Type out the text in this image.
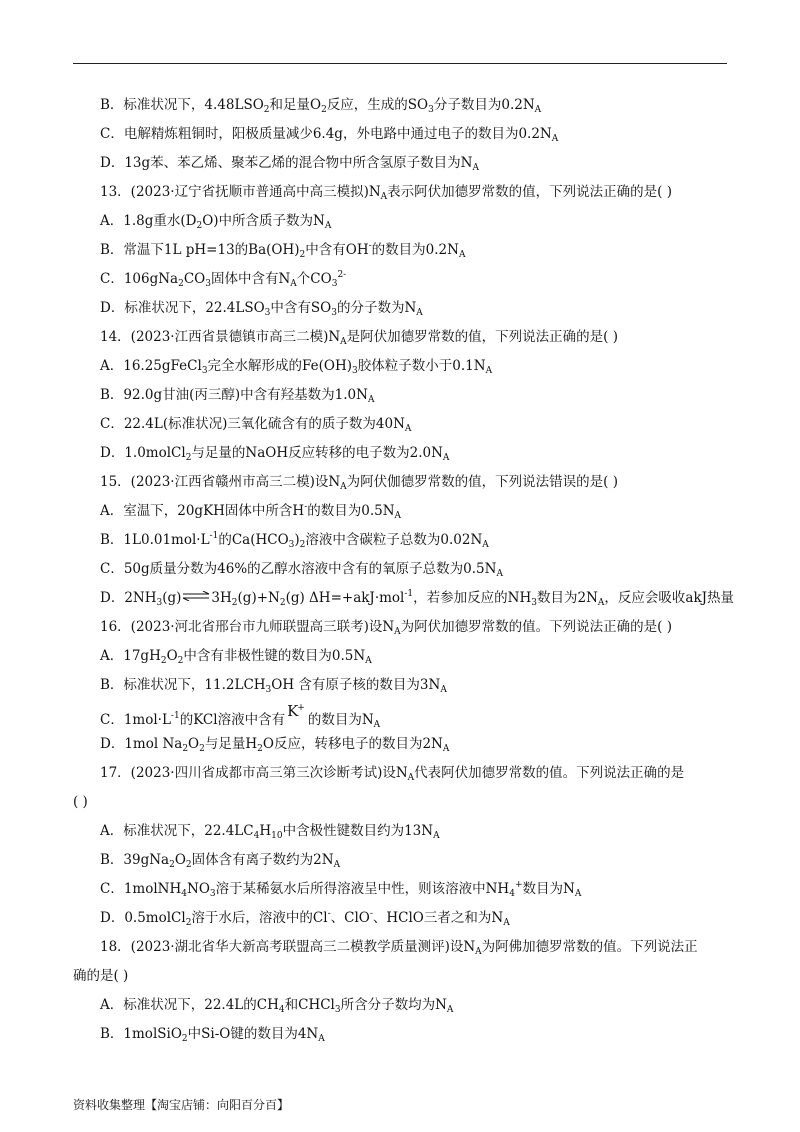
B．标准状况下，$4.48LSO_2$和足量$O_2$反应，生成的$SO_3$分子数目为$0.2N_A$
C．电解精炼粗铜时，阳极质量减少6.4g，外电路中通过电子的数目为$0.2N_A$
D．13g苯、苯乙烯、聚苯乙烯的混合物中所含氢原子数目为$N_A$
13．(2023·辽宁省抚顺市普通高中高三模拟)$N_A$表示阿伏加德罗常数的值，下列说法正确的是( )
A．1.8g重水$(D_2O)$中所含质子数为$N_A$
B．常温下1L pH=13的$Ba(OH)_2$中含有OH-的数目为$0.2N_A$
C．$106gNa_2CO_3$固体中含有$N_A$个$CO_3^{2-}$
D．标准状况下，$22.4LSO_3$中含有$SO_3$的分子数为$N_A$
14．(2023·江西省景德镇市高三二模)$N_A$是阿伏加德罗常数的值，下列说法正确的是( )
A．16.25gFeCl$_3$完全水解形成的$Fe(OH)_3$胶体粒子数小于$0.1N_A$
B．92.0g甘油(丙三醇)中含有羟基数为$1.0N_A$
C．22.4L(标准状况)三氧化硫含有的质子数为$40N_A$
D．1.0molCl$_2$与足量的NaOH反应转移的电子数为$2.0N_A$
15．(2023·江西省赣州市高三二模)设$N_A$为阿伏伽德罗常数的值，下列说法错误的是( )
A．室温下，20gKH固体中所含H-的数目为$0.5N_A$
B．$1L0.01mol\cdot L^{-1}$的$Ca(HCO_3)_2$溶液中含碳粒子总数为$0.02N_A$
C．50g质量分数为46%的乙醇水溶液中含有的氧原子总数为$0.5N_A$
D．$2NH_3(g)\rightleftharpoons 3H_2(g)+N_2(g)$ ΔH=+akJ·mol$^{-1}$，若参加反应的$NH_3$数目为$2N_A$，反应会吸收akJ热量
16．(2023·河北省邢台市九师联盟高三联考)设$N_A$为阿伏加德罗常数的值。下列说法正确的是( )
A．$17gH_2O_2$中含有非极性键的数目为$0.5N_A$
B．标准状况下，$11.2LCH_3OH$ 含有原子核的数目为$3N_A$
C．$1mol\cdot L^{-1}$的KCl溶液中含有 K+的数目为$N_A$
D．1mol $Na_2O_2$与足量$H_2O$反应，转移电子的数目为$2N_A$
17．(2023·四川省成都市高三第三次诊断考试)设$N_A$代表阿伏加德罗常数的值。下列说法正确的是
( )
A．标准状况下，$22.4LC_4H_{10}$中含极性键数目约为$13N_A$
B．$39gNa_2O_2$固体含有离子数约为$2N_A$
C．$1molNH_4NO_3$溶于某稀氨水后所得溶液呈中性，则该溶液中$NH_4^+$数目为$N_A$
D．0.5molCl$_2$溶于水后，溶液中的Cl-、ClO-、HClO三者之和为$N_A$
18．(2023·湖北省华大新高考联盟高三二模教学质量测评)设$N_A$为阿佛加德罗常数的值。下列说法正
确的是( )
A．标准状况下，22.4L的$CH_4$和CHCl$_3$所含分子数均为$N_A$
B．1molSiO$_2$中Si-O键的数目为$4N_A$
资料收集整理【淘宝店铺：向阳百分百】
